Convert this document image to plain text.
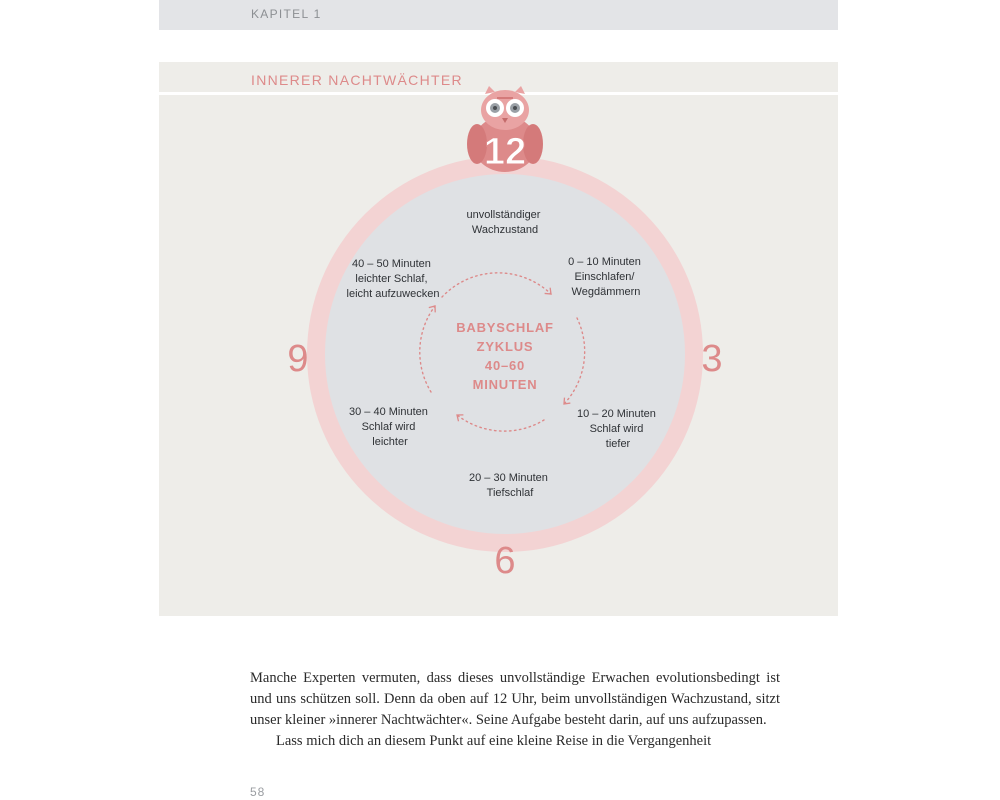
KAPITEL 1
INNERER NACHTWÄCHTER
12
3
6
9
BABYSCHLAF
ZYKLUS
40–60
MINUTEN
unvollständiger Wachzustand
0 – 10 Minuten Einschlafen/ Wegdämmern
10 – 20 Minuten Schlaf wird tiefer
20 – 30 Minuten Tiefschlaf
30 – 40 Minuten Schlaf wird leichter
40 – 50 Minuten leichter Schlaf, leicht aufzuwecken

Manche Experten vermuten, dass dieses unvollständige Erwachen evolutionsbedingt ist und uns schützen soll. Denn da oben auf 12 Uhr, beim unvollständigen Wachzustand, sitzt unser kleiner »innerer Nachtwächter«. Seine Aufgabe besteht darin, auf uns aufzupassen.

Lass mich dich an diesem Punkt auf eine kleine Reise in die Vergangenheit

58
